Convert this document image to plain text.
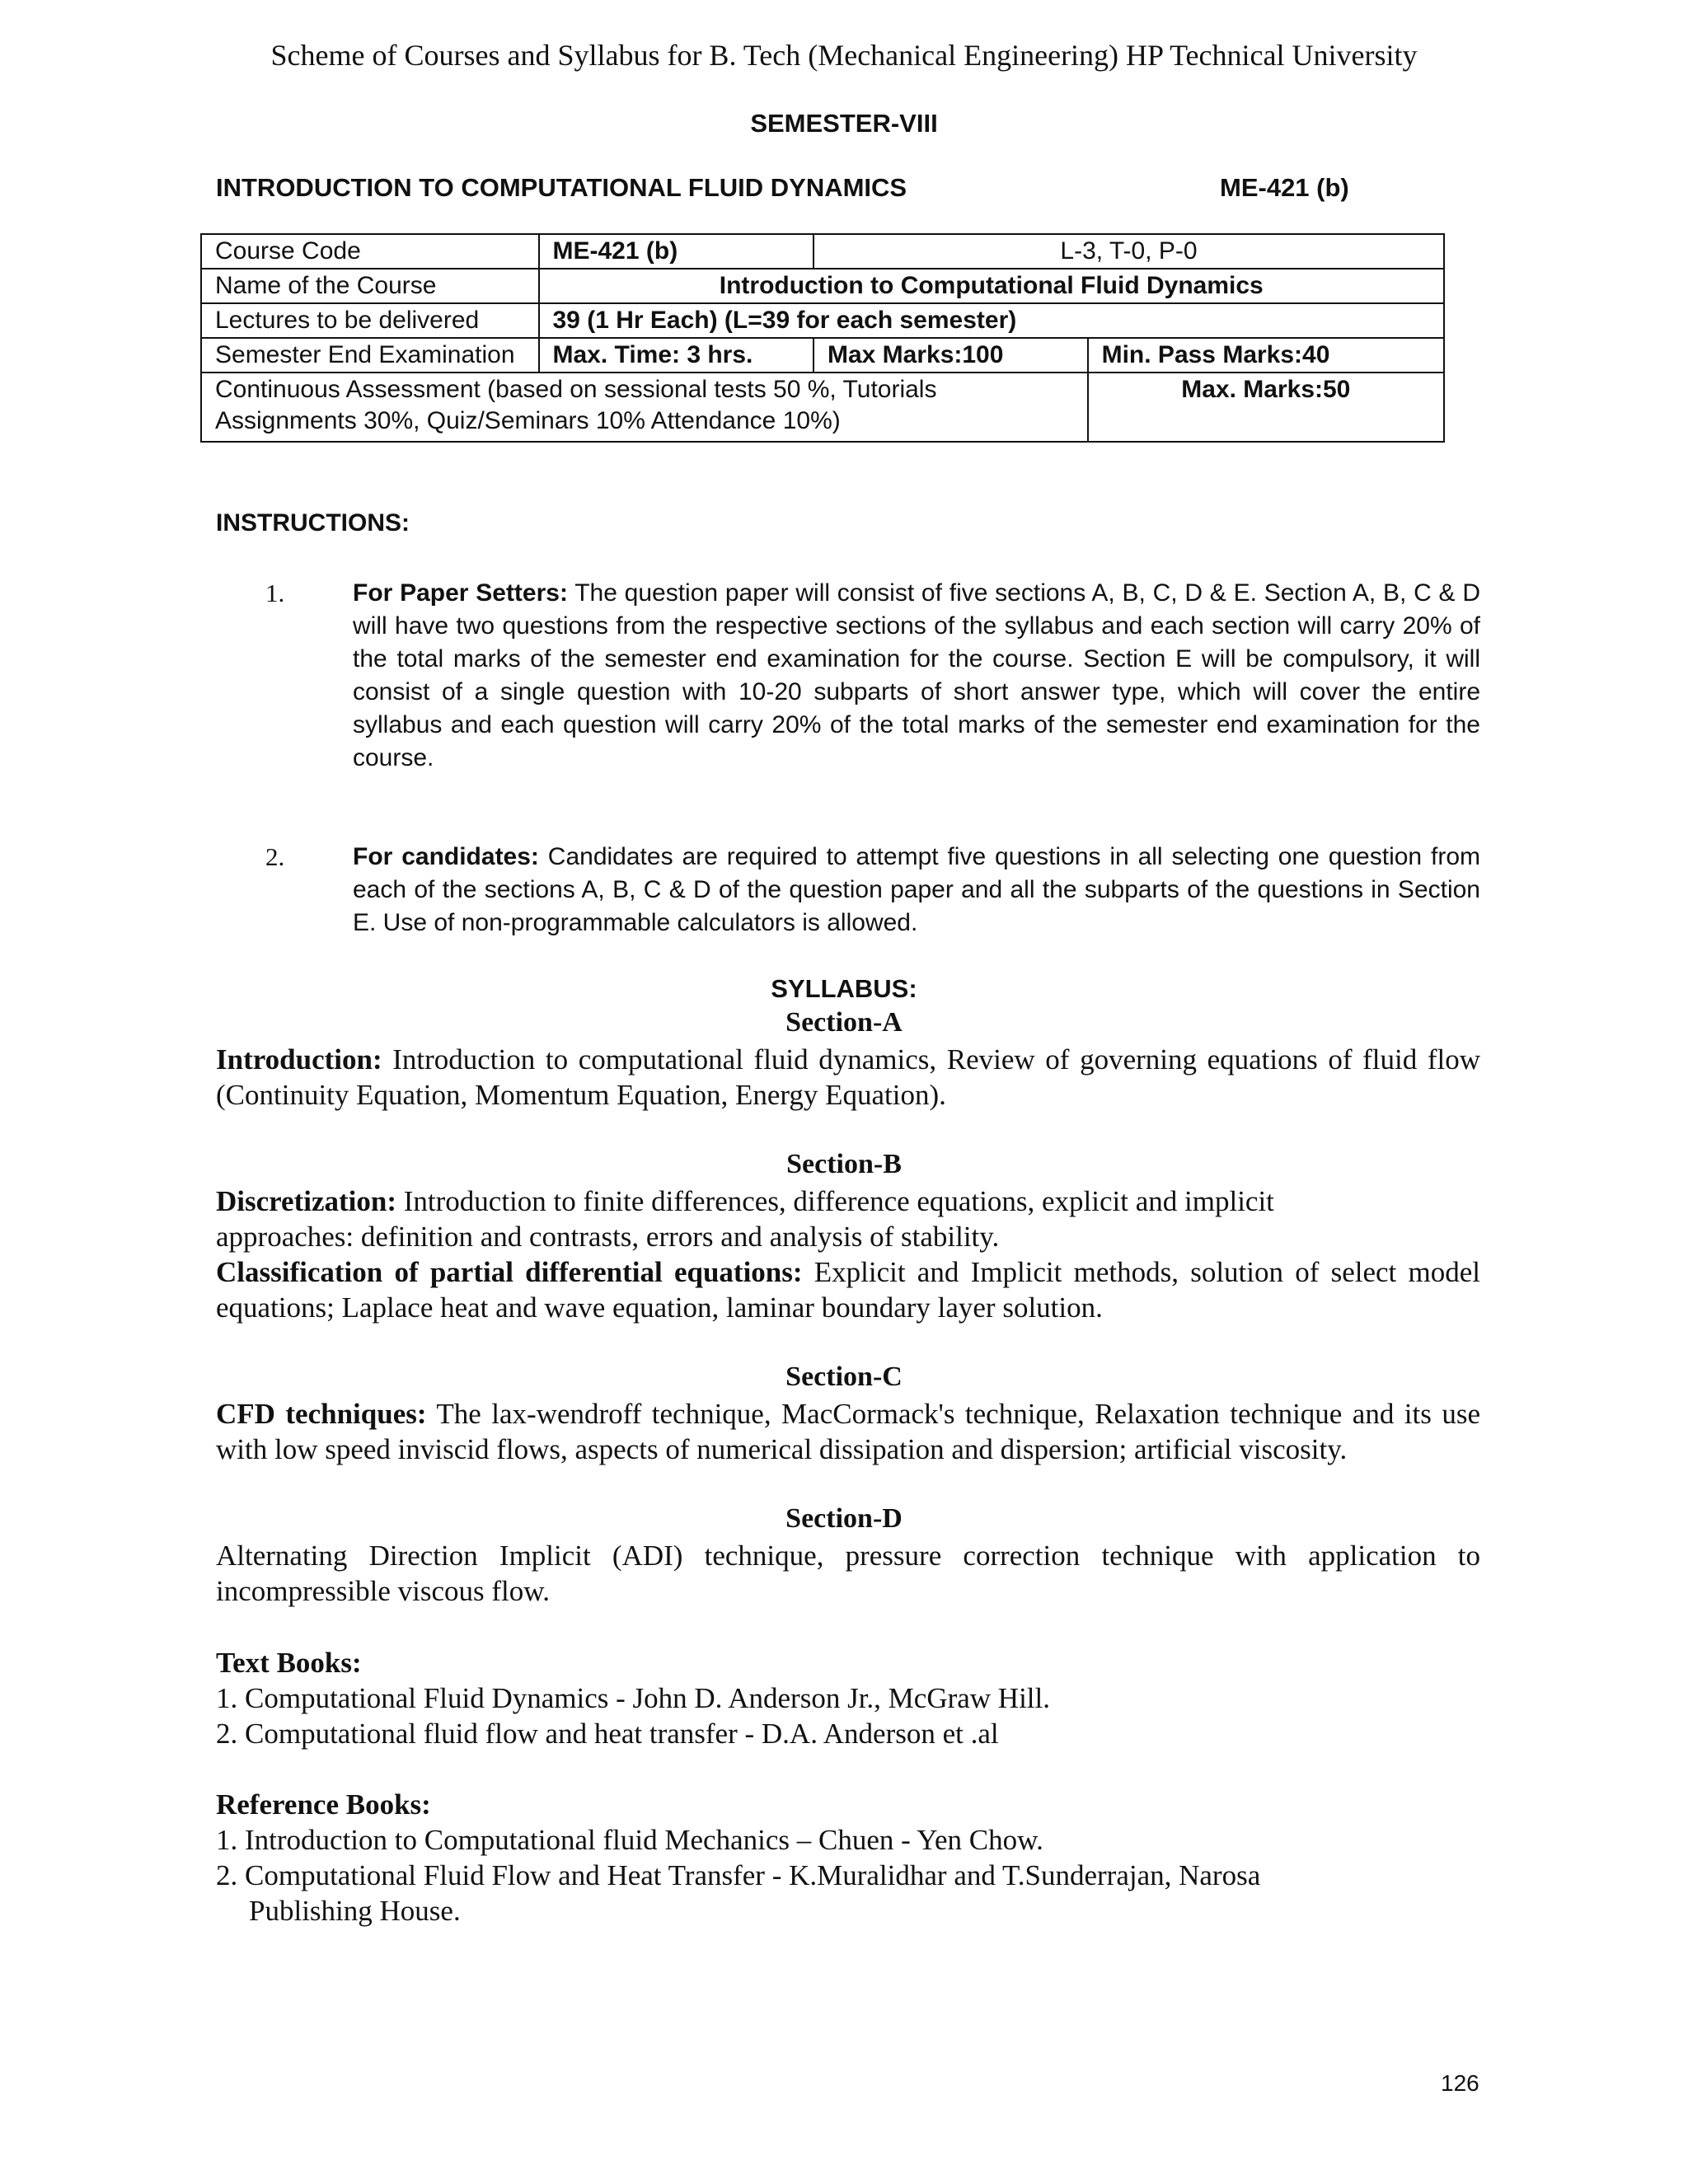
Scheme of Courses and Syllabus for B. Tech (Mechanical Engineering) HP Technical University
SEMESTER-VIII
INTRODUCTION TO COMPUTATIONAL FLUID DYNAMICS	ME-421 (b)
Course Code	ME-421 (b)	L-3, T-0, P-0	
Name of the Course	Introduction to Computational Fluid Dynamics		
Lectures to be delivered	39 (1 Hr Each) (L=39 for each semester)		
Semester End Examination	Max. Time: 3 hrs.	Max Marks:100	Min. Pass Marks:40

Continuous Assessment (based on sessional tests 50 %, Tutorials
Assignments 30%, Quiz/Seminars 10% Attendance 10%)			Max. Marks:50
INSTRUCTIONS:
1.	For Paper Setters: The question paper will consist of five sections A, B, C, D & E. Section A, B, C & D will have two questions from the respective sections of the syllabus and each section will carry 20% of the total marks of the semester end examination for the course. Section E will be compulsory, it will consist of a single question with 10-20 subparts of short answer type, which will cover the entire syllabus and each question will carry 20% of the total marks of the semester end examination for the course.
2.	For candidates: Candidates are required to attempt five questions in all selecting one question from each of the sections A, B, C & D of the question paper and all the subparts of the questions in Section E. Use of non-programmable calculators is allowed.
SYLLABUS:
Section-A
Introduction: Introduction to computational fluid dynamics, Review of governing equations of fluid flow (Continuity Equation, Momentum Equation, Energy Equation).
Section-B
Discretization: Introduction to finite differences, difference equations, explicit and implicit
approaches: definition and contrasts, errors and analysis of stability.
Classification of partial differential equations: Explicit and Implicit methods, solution of select model equations; Laplace heat and wave equation, laminar boundary layer solution.
Section-C
CFD techniques: The lax-wendroff technique, MacCormack's technique, Relaxation technique and its use with low speed inviscid flows, aspects of numerical dissipation and dispersion; artificial viscosity.
Section-D
Alternating Direction Implicit (ADI) technique, pressure correction technique with application to incompressible viscous flow.
Text Books:
1. Computational Fluid Dynamics - John D. Anderson Jr., McGraw Hill.
2. Computational fluid flow and heat transfer - D.A. Anderson et .al
Reference Books:
1. Introduction to Computational fluid Mechanics – Chuen - Yen Chow.
2. Computational Fluid Flow and Heat Transfer - K.Muralidhar and T.Sunderrajan, Narosa
Publishing House.
126
